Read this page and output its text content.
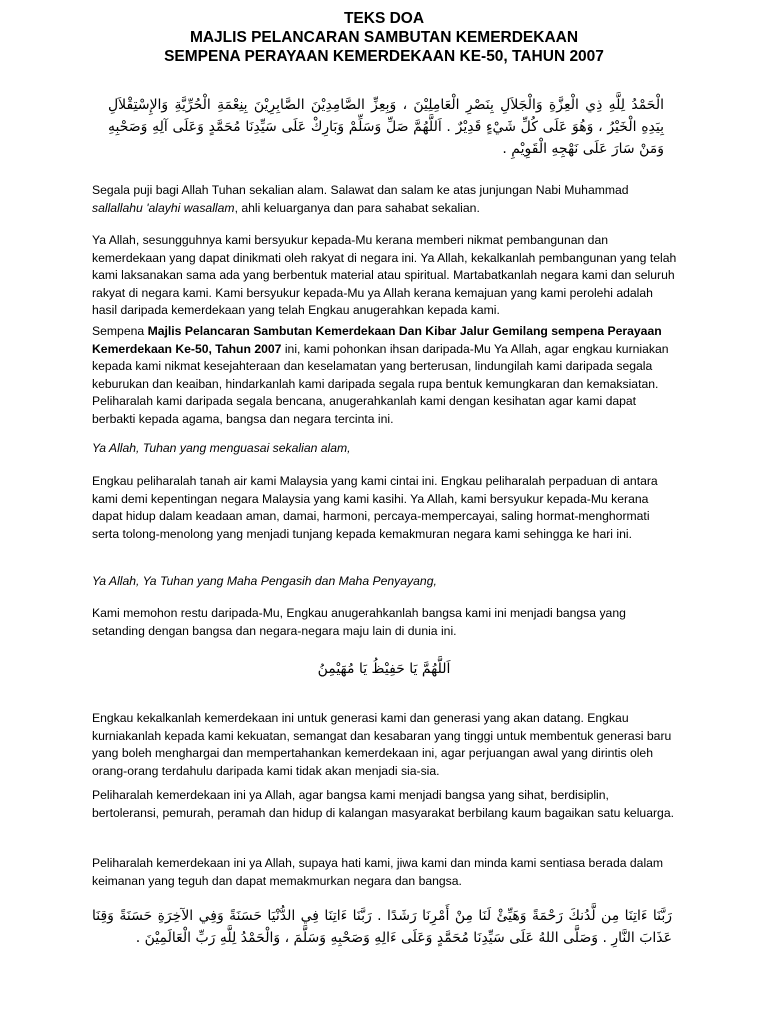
TEKS DOA
MAJLIS PELANCARAN SAMBUTAN KEMERDEKAAN
SEMPENA PERAYAAN KEMERDEKAAN KE-50, TAHUN 2007
الْحَمْدُ لِلَّهِ ذِي الْعِزَّةِ وَالْجَلاَلِ بِنَصْرِ الْعَامِلِيْنَ ، وَبِعِزِّ الصَّامِدِيْنَ الصَّابِرِيْنَ بِنِعْمَةِ الْحُرِّيَّةِ وَالإِسْتِقْلاَلِ بِيَدِهِ الْخَيْرُ ، وَهُوَ عَلَى كُلِّ شَيْءٍ قَدِيْرٌ . اَللَّهُمَّ صَلِّ وَسَلِّمْ وَبَارِكْ عَلَى سَيِّدِنَا مُحَمَّدٍ وَعَلَى آلِهِ وَصَحْبِهِ وَمَنْ سَارَ عَلَى نَهْجِهِ الْقَوِيْمِ .
Segala puji bagi Allah Tuhan sekalian alam. Salawat dan salam ke atas junjungan Nabi Muhammad sallallahu 'alayhi wasallam, ahli keluarganya dan para sahabat sekalian.
Ya Allah, sesungguhnya kami bersyukur kepada-Mu kerana memberi nikmat pembangunan dan kemerdekaan yang dapat dinikmati oleh rakyat di negara ini. Ya Allah, kekalkanlah pembangunan yang telah kami laksanakan sama ada yang berbentuk material atau spiritual. Martabatkanlah negara kami dan seluruh rakyat di negara kami. Kami bersyukur kepada-Mu ya Allah kerana kemajuan yang kami perolehi adalah hasil daripada kemerdekaan yang telah Engkau anugerahkan kepada kami.
Sempena Majlis Pelancaran Sambutan Kemerdekaan Dan Kibar Jalur Gemilang sempena Perayaan Kemerdekaan Ke-50, Tahun 2007 ini, kami pohonkan ihsan daripada-Mu Ya Allah, agar engkau kurniakan kepada kami nikmat kesejahteraan dan keselamatan yang berterusan, lindungilah kami daripada segala keburukan dan keaiban, hindarkanlah kami daripada segala rupa bentuk kemungkaran dan kemaksiatan. Peliharalah kami daripada segala bencana, anugerahkanlah kami dengan kesihatan agar kami dapat berbakti kepada agama, bangsa dan negara tercinta ini.
Ya Allah, Tuhan yang menguasai sekalian alam,
Engkau peliharalah tanah air kami Malaysia yang kami cintai ini. Engkau peliharalah perpaduan di antara kami demi kepentingan negara Malaysia yang kami kasihi. Ya Allah, kami bersyukur kepada-Mu kerana dapat hidup dalam keadaan aman, damai, harmoni, percaya-mempercayai, saling hormat-menghormati serta tolong-menolong yang menjadi tunjang kepada kemakmuran negara kami sehingga ke hari ini.
Ya Allah, Ya Tuhan yang Maha Pengasih dan Maha Penyayang,
Kami memohon restu daripada-Mu, Engkau anugerahkanlah bangsa kami ini menjadi bangsa yang setanding dengan bangsa dan negara-negara maju lain di dunia ini.
اَللَّهُمَّ يَا حَفِيْظُ يَا مُهَيْمِنُ
Engkau kekalkanlah kemerdekaan ini untuk generasi kami dan generasi yang akan datang. Engkau kurniakanlah kepada kami kekuatan, semangat dan kesabaran yang tinggi untuk membentuk generasi baru yang boleh menghargai dan mempertahankan kemerdekaan ini, agar perjuangan awal yang dirintis oleh orang-orang terdahulu daripada kami tidak akan menjadi sia-sia.
Peliharalah kemerdekaan ini ya Allah, agar bangsa kami menjadi bangsa yang sihat, berdisiplin, bertoleransi, pemurah, peramah dan hidup di kalangan masyarakat berbilang kaum bagaikan satu keluarga.
Peliharalah kemerdekaan ini ya Allah, supaya hati kami, jiwa kami dan minda kami sentiasa berada dalam keimanan yang teguh dan dapat memakmurkan negara dan bangsa.
رَبَّنَا ءَاتِنَا مِن لَّدُنكَ رَحْمَةً وَهَيِّئْ لَنَا مِنْ أَمْرِنَا رَشَدًا . رَبَّنَا ءَاتِنَا فِي الدُّنْيَا حَسَنَةً وَفِي الآخِرَةِ حَسَنَةً وَقِنَا عَذَابَ النَّارِ . وَصَلَّى اللهُ عَلَى سَيِّدِنَا مُحَمَّدٍ وَعَلَى ءَالِهِ وَصَحْبِهِ وَسَلَّمَ ، وَالْحَمْدُ لِلَّهِ رَبِّ الْعَالَمِيْنَ .
